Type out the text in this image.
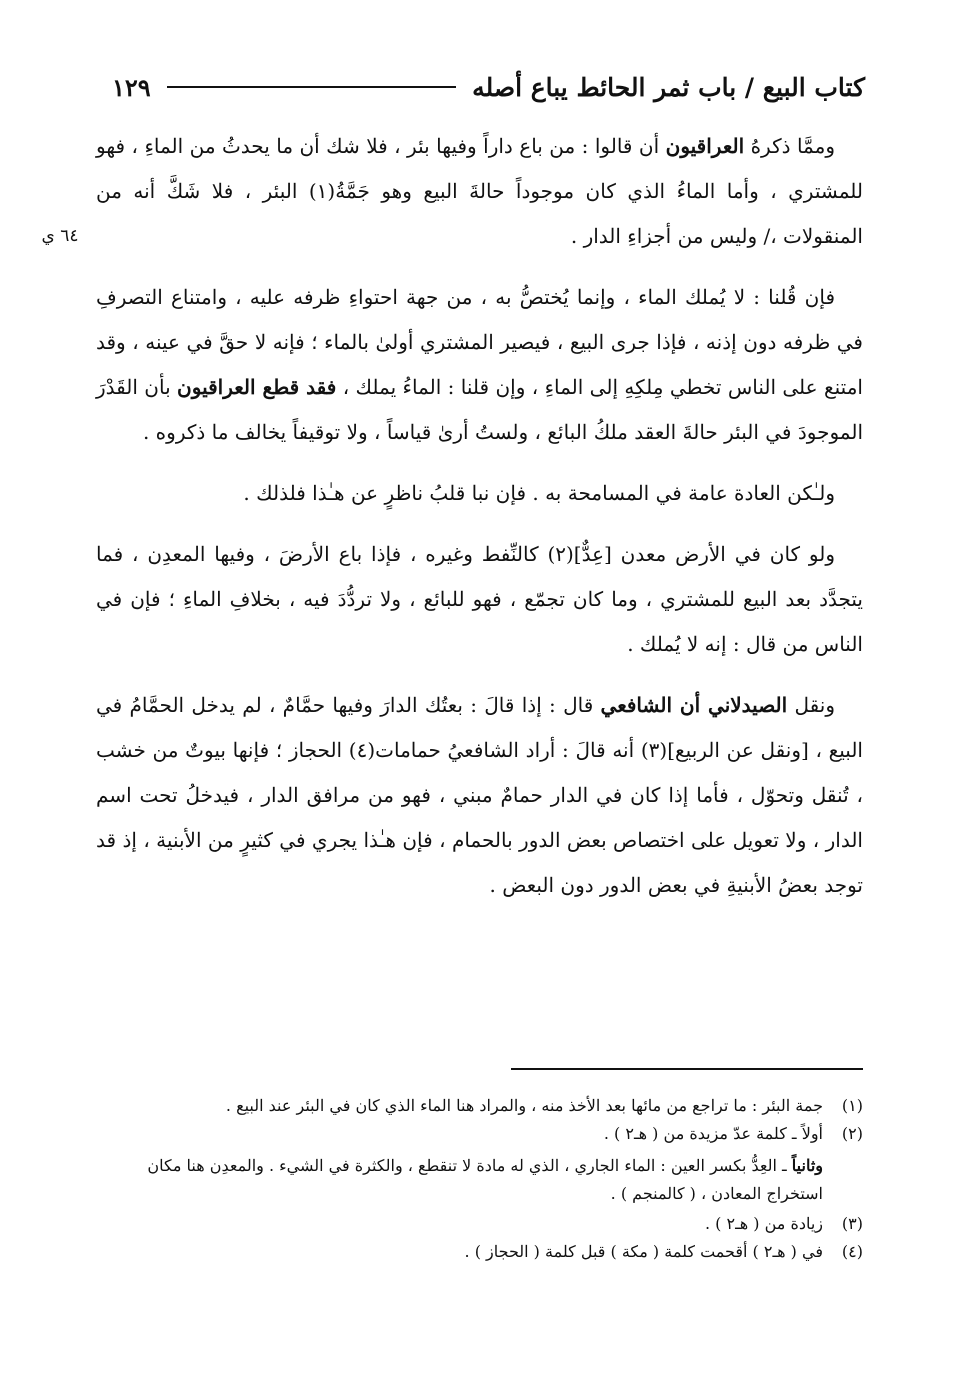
كتاب البيع / باب ثمر الحائط يباع أصله
١٢٩
٦٤ ي

وممَّا ذكرهُ العراقيون أن قالوا : من باع داراً وفيها بئر ، فلا شك أن ما يحدثُ من الماءِ ، فهو للمشتري ، وأما الماءُ الذي كان موجوداً حالةَ البيع وهو جَمَّةُ(١) البئر ، فلا شَكَّ أنه من المنقولات ،/ وليس من أجزاءِ الدار .

فإن قُلنا : لا يُملك الماء ، وإنما يُختصُّ به ، من جهة احتواءِ ظرفه عليه ، وامتناع التصرفِ في ظرفه دون إذنه ، فإذا جرى البيع ، فيصير المشتري أولىٰ بالماء ؛ فإنه لا حقَّ في عينه ، وقد امتنع على الناس تخطي مِلكِهِ إلى الماءِ ، وإن قلنا : الماءُ يملك ، فقد قطع العراقيون بأن القَدْرَ الموجودَ في البئر حالةَ العقد ملكُ البائع ، ولستُ أرىٰ قياساً ، ولا توقيفاً يخالف ما ذكروه .

ولـٰكن العادة عامة في المسامحة به . فإن نبا قلبُ ناظرٍ عن هـٰذا فلذلك .

ولو كان في الأرض معدن [عِدٌّ](٢) كالنِّفط وغيره ، فإذا باع الأرضَ ، وفيها المعدِن ، فما يتجدَّد بعد البيع للمشتري ، وما كان تجمّع ، فهو للبائع ، ولا تردُّدَ فيه ، بخلافِ الماءِ ؛ فإن في الناس من قال : إنه لا يُملك .

ونقل الصيدلاني أن الشافعي قال : إذا قالَ : بعتُك الدارَ وفيها حمَّامٌ ، لم يدخل الحمَّامُ في البيع ، [ونقل عن الربيع](٣) أنه قالَ : أراد الشافعيُ حمامات(٤) الحجاز ؛ فإنها بيوتٌ من خشب ، تُنقل وتحوّل ، فأما إذا كان في الدار حمامٌ مبني ، فهو من مرافق الدار ، فيدخلُ تحت اسم الدار ، ولا تعويل على اختصاص بعض الدور بالحمام ، فإن هـٰذا يجري في كثيرٍ من الأبنية ، إذ قد توجد بعضُ الأبنيةِ في بعض الدور دون البعض .

(١)
جمة البئر : ما تراجع من مائها بعد الأخذ منه ، والمراد هنا الماء الذي كان في البئر عند البيع .
(٢)
أولاً ـ كلمة عدّ مزيدة من ( هـ٢ ) .
وثانياً ـ العِدُّ بكسر العين : الماء الجاري ، الذي له مادة لا تنقطع ، والكثرة في الشيء . والمعدِن هنا مكان استخراج المعادن ، ( كالمنجم ) .
(٣)
زيادة من ( هـ٢ ) .
(٤)
في ( هـ٢ ) أقحمت كلمة ( مكة ) قبل كلمة ( الحجاز ) .
